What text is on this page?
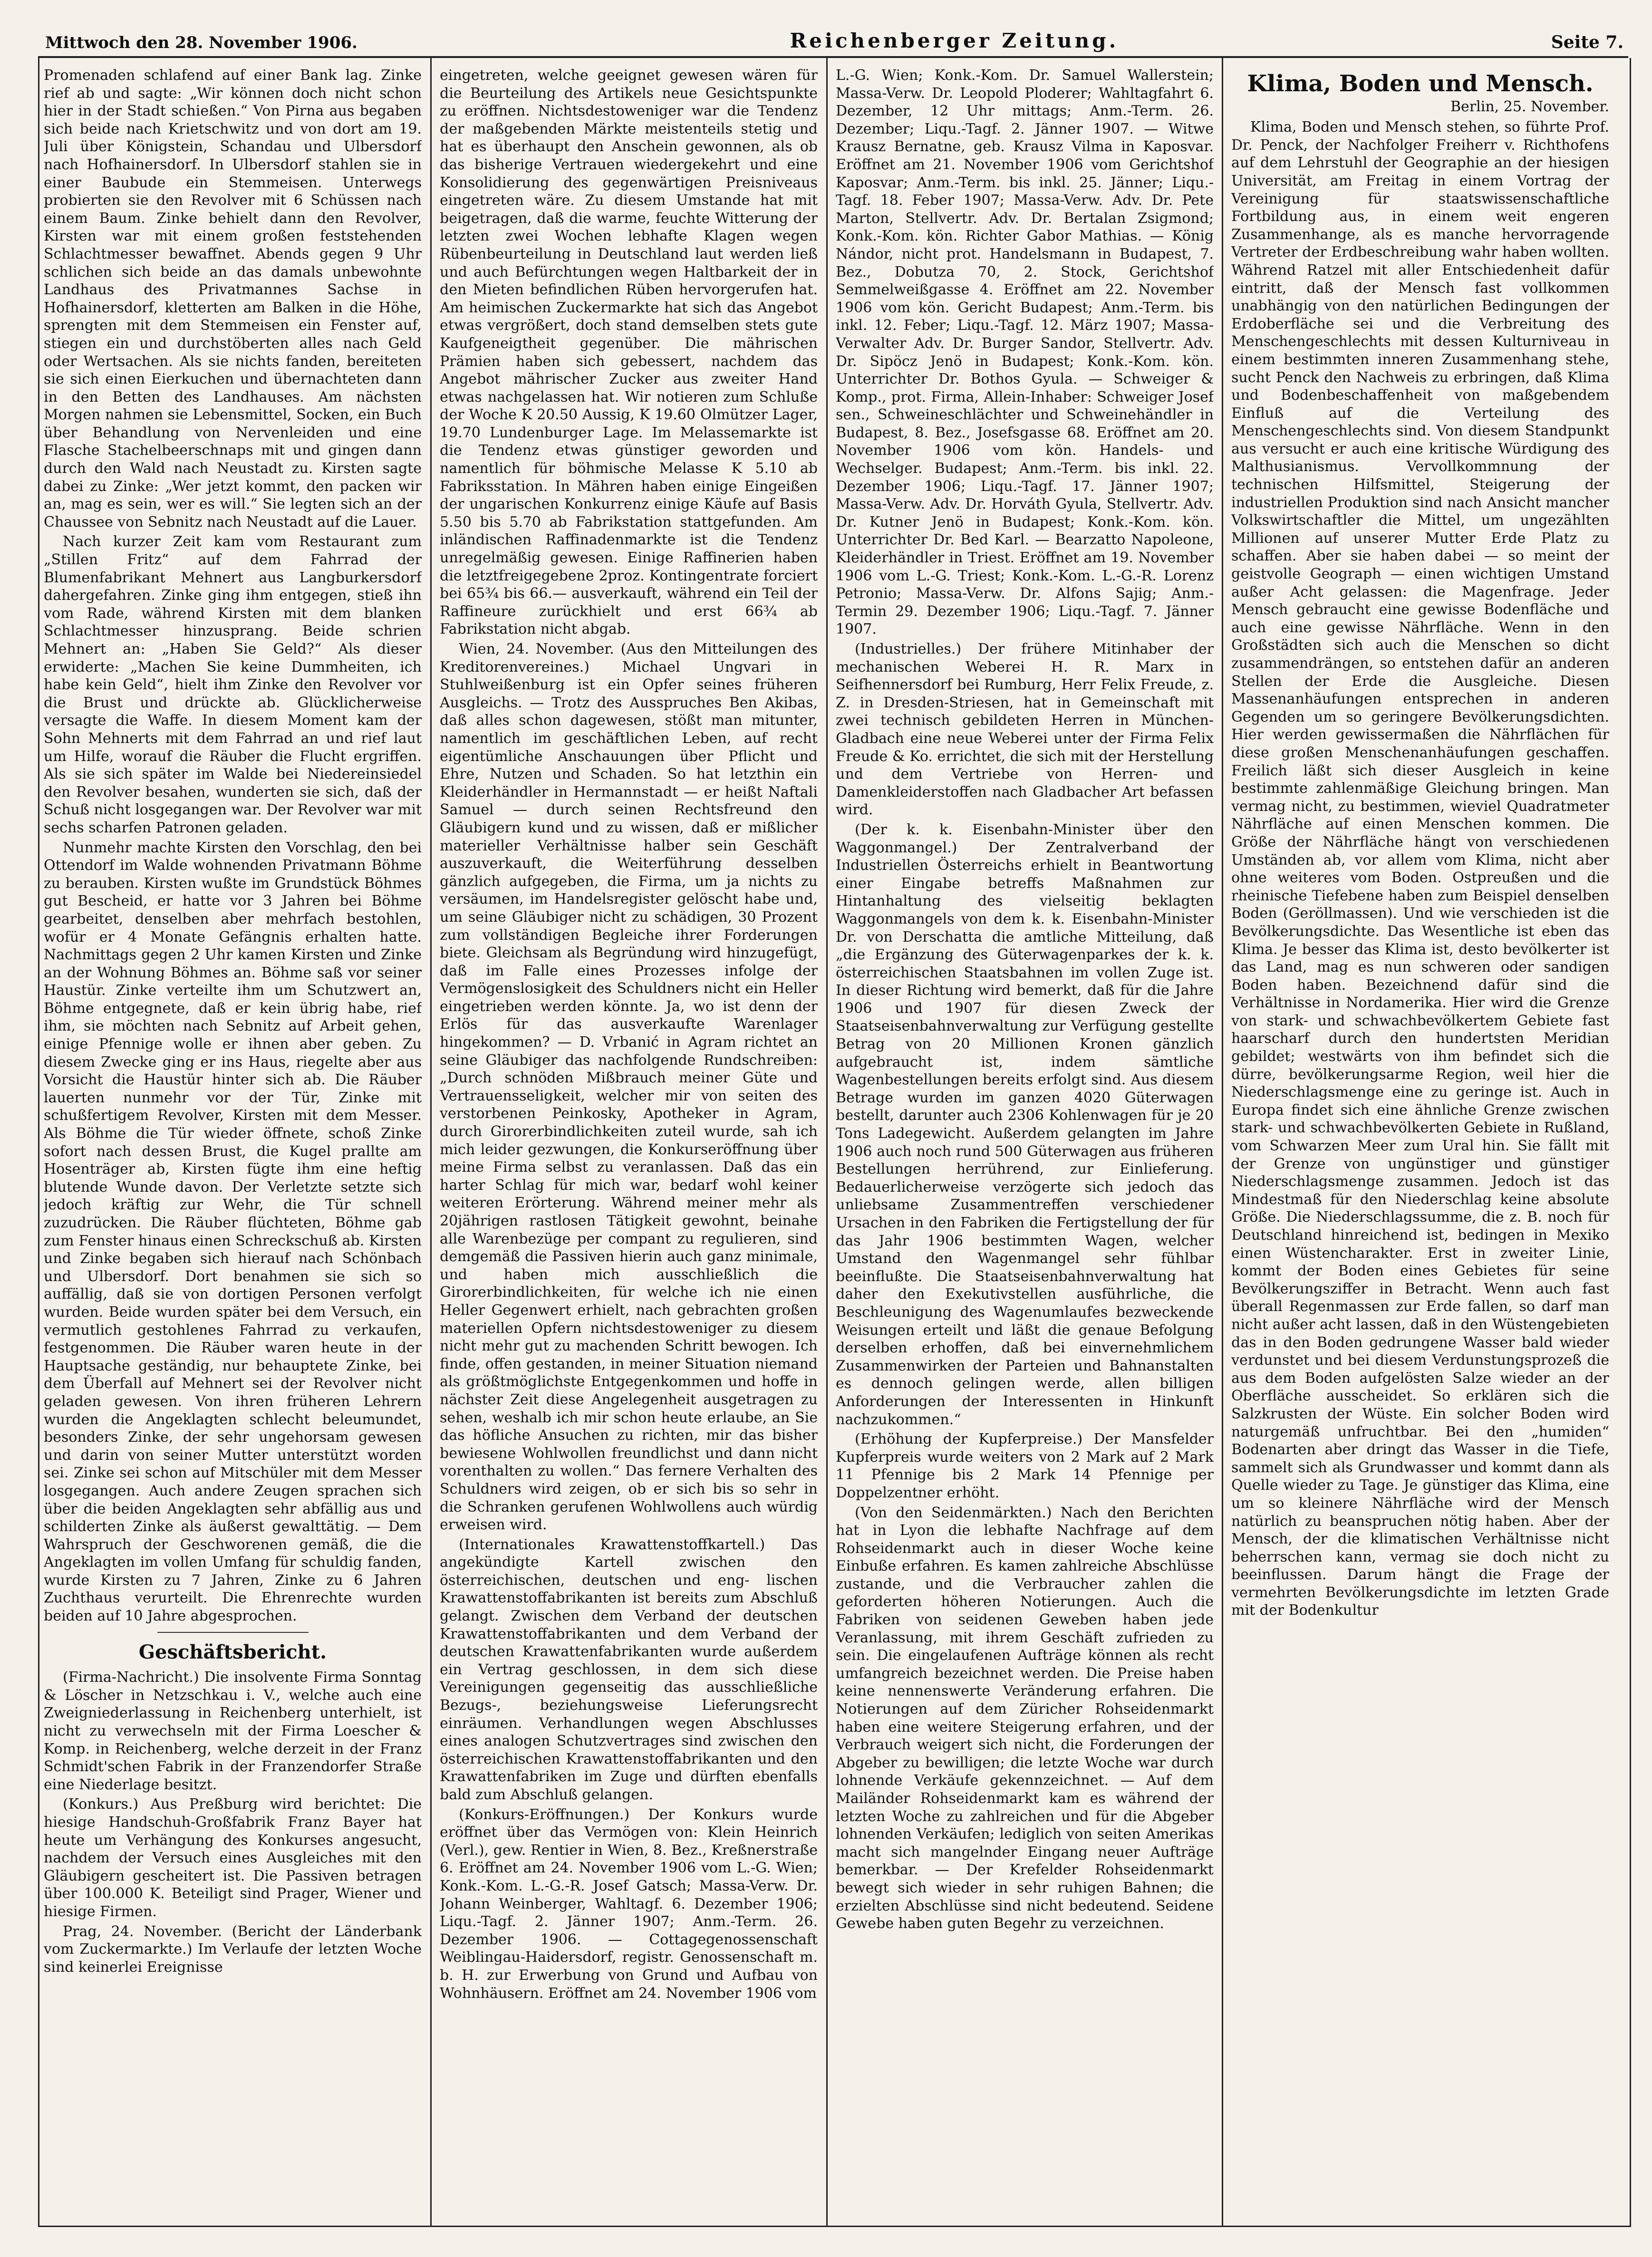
Mittwoch den 28. November 1906.	Reichenberger Zeitung.	Seite 7.

Promenaden schlafend auf einer Bank lag. Zinke rief ab und sagte: „Wir können doch nicht schon hier in der Stadt schießen.“ Von Pirna aus begaben sich beide nach Krietschwitz und von dort am 19. Juli über Königstein, Schandau und Ulbersdorf nach Hofhainersdorf. In Ulbersdorf stahlen sie in einer Baubude ein Stemmeisen. Unterwegs probierten sie den Revolver mit 6 Schüssen nach einem Baum. Zinke behielt dann den Revolver, Kirsten war mit einem großen feststehenden Schlachtmesser bewaffnet. Abends gegen 9 Uhr schlichen sich beide an das damals unbewohnte Landhaus des Privatmannes Sachse in Hofhainersdorf, kletterten am Balken in die Höhe, sprengten mit dem Stemmeisen ein Fenster auf, stiegen ein und durchstöberten alles nach Geld oder Wertsachen. Als sie nichts fanden, bereiteten sie sich einen Eierkuchen und übernachteten dann in den Betten des Landhauses. Am nächsten Morgen nahmen sie Lebensmittel, Socken, ein Buch über Behandlung von Nervenleiden und eine Flasche Stachelbeerschnaps mit und gingen dann durch den Wald nach Neustadt zu. Kirsten sagte dabei zu Zinke: „Wer jetzt kommt, den packen wir an, mag es sein, wer es will.“ Sie legten sich an der Chaussee von Sebnitz nach Neustadt auf die Lauer.

Nach kurzer Zeit kam vom Restaurant zum „Stillen Fritz“ auf dem Fahrrad der Blumenfabrikant Mehnert aus Langburkersdorf dahergefahren. Zinke ging ihm entgegen, stieß ihn vom Rade, während Kirsten mit dem blanken Schlachtmesser hinzusprang. Beide schrien Mehnert an: „Haben Sie Geld?“ Als dieser erwiderte: „Machen Sie keine Dummheiten, ich habe kein Geld“, hielt ihm Zinke den Revolver vor die Brust und drückte ab. Glücklicherweise versagte die Waffe. In diesem Moment kam der Sohn Mehnerts mit dem Fahrrad an und rief laut um Hilfe, worauf die Räuber die Flucht ergriffen. Als sie sich später im Walde bei Niedereinsiedel den Revolver besahen, wunderten sie sich, daß der Schuß nicht losgegangen war. Der Revolver war mit sechs scharfen Patronen geladen.

Nunmehr machte Kirsten den Vorschlag, den bei Ottendorf im Walde wohnenden Privatmann Böhme zu berauben. Kirsten wußte im Grundstück Böhmes gut Bescheid, er hatte vor 3 Jahren bei Böhme gearbeitet, denselben aber mehrfach bestohlen, wofür er 4 Monate Gefängnis erhalten hatte. Nachmittags gegen 2 Uhr kamen Kirsten und Zinke an der Wohnung Böhmes an. Böhme saß vor seiner Haustür. Zinke verteilte ihm um Schutzwert an, Böhme entgegnete, daß er kein übrig habe, rief ihm, sie möchten nach Sebnitz auf Arbeit gehen, einige Pfennige wolle er ihnen aber geben. Zu diesem Zwecke ging er ins Haus, riegelte aber aus Vorsicht die Haustür hinter sich ab. Die Räuber lauerten nunmehr vor der Tür, Zinke mit schußfertigem Revolver, Kirsten mit dem Messer. Als Böhme die Tür wieder öffnete, schoß Zinke sofort nach dessen Brust, die Kugel prallte am Hosenträger ab, Kirsten fügte ihm eine heftig blutende Wunde davon. Der Verletzte setzte sich jedoch kräftig zur Wehr, die Tür schnell zuzudrücken. Die Räuber flüchteten, Böhme gab zum Fenster hinaus einen Schreckschuß ab. Kirsten und Zinke begaben sich hierauf nach Schönbach und Ulbersdorf. Dort benahmen sie sich so auffällig, daß sie von dortigen Personen verfolgt wurden. Beide wurden später bei dem Versuch, ein vermutlich gestohlenes Fahrrad zu verkaufen, festgenommen. Die Räuber waren heute in der Hauptsache geständig, nur behauptete Zinke, bei dem Überfall auf Mehnert sei der Revolver nicht geladen gewesen. Von ihren früheren Lehrern wurden die Angeklagten schlecht beleumundet, besonders Zinke, der sehr ungehorsam gewesen und darin von seiner Mutter unterstützt worden sei. Zinke sei schon auf Mitschüler mit dem Messer losgegangen. Auch andere Zeugen sprachen sich über die beiden Angeklagten sehr abfällig aus und schilderten Zinke als äußerst gewalttätig. — Dem Wahrspruch der Geschworenen gemäß, die die Angeklagten im vollen Umfang für schuldig fanden, wurde Kirsten zu 7 Jahren, Zinke zu 6 Jahren Zuchthaus verurteilt. Die Ehrenrechte wurden beiden auf 10 Jahre abgesprochen.

Geschäftsbericht.

(Firma-Nachricht.) Die insolvente Firma Sonntag & Löscher in Netzschkau i. V., welche auch eine Zweigniederlassung in Reichenberg unterhielt, ist nicht zu verwechseln mit der Firma Loescher & Komp. in Reichenberg, welche derzeit in der Franz Schmidt'schen Fabrik in der Franzendorfer Straße eine Niederlage besitzt.

(Konkurs.) Aus Preßburg wird berichtet: Die hiesige Handschuh-Großfabrik Franz Bayer hat heute um Verhängung des Konkurses angesucht, nachdem der Versuch eines Ausgleiches mit den Gläubigern gescheitert ist. Die Passiven betragen über 100.000 K. Beteiligt sind Prager, Wiener und hiesige Firmen.

Prag, 24. November. (Bericht der Länderbank vom Zuckermarkte.) Im Verlaufe der letzten Woche sind keinerlei Ereignisse

eingetreten, welche geeignet gewesen wären für die Beurteilung des Artikels neue Gesichtspunkte zu eröffnen. Nichtsdestoweniger war die Tendenz der maßgebenden Märkte meistenteils stetig und hat es überhaupt den Anschein gewonnen, als ob das bisherige Vertrauen wiedergekehrt und eine Konsolidierung des gegenwärtigen Preisniveaus eingetreten wäre. Zu diesem Umstande hat mit beigetragen, daß die warme, feuchte Witterung der letzten zwei Wochen lebhafte Klagen wegen Rübenbeurteilung in Deutschland laut werden ließ und auch Befürchtungen wegen Haltbarkeit der in den Mieten befindlichen Rüben hervorgerufen hat. Am heimischen Zuckermarkte hat sich das Angebot etwas vergrößert, doch stand demselben stets gute Kaufgeneigtheit gegenüber. Die mährischen Prämien haben sich gebessert, nachdem das Angebot mährischer Zucker aus zweiter Hand etwas nachgelassen hat. Wir notieren zum Schluße der Woche K 20.50 Aussig, K 19.60 Olmützer Lager, 19.70 Lundenburger Lage. Im Melassemarkte ist die Tendenz etwas günstiger geworden und namentlich für böhmische Melasse K 5.10 ab Fabriksstation. In Mähren haben einige Eingeißen der ungarischen Konkurrenz einige Käufe auf Basis 5.50 bis 5.70 ab Fabrikstation stattgefunden. Am inländischen Raffinadenmarkte ist die Tendenz unregelmäßig gewesen. Einige Raffinerien haben die letztfreigegebene 2proz. Kontingentrate forciert bei 65¾ bis 66.— ausverkauft, während ein Teil der Raffineure zurückhielt und erst 66¾ ab Fabrikstation nicht abgab.

Wien, 24. November. (Aus den Mitteilungen des Kreditorenvereines.) Michael Ungvari in Stuhlweißenburg ist ein Opfer seines früheren Ausgleichs. — Trotz des Ausspruches Ben Akibas, daß alles schon dagewesen, stößt man mitunter, namentlich im geschäftlichen Leben, auf recht eigentümliche Anschauungen über Pflicht und Ehre, Nutzen und Schaden. So hat letzthin ein Kleiderhändler in Hermannstadt — er heißt Naftali Samuel — durch seinen Rechtsfreund den Gläubigern kund und zu wissen, daß er mißlicher materieller Verhältnisse halber sein Geschäft auszuverkauft, die Weiterführung desselben gänzlich aufgegeben, die Firma, um ja nichts zu versäumen, im Handelsregister gelöscht habe und, um seine Gläubiger nicht zu schädigen, 30 Prozent zum vollständigen Begleiche ihrer Forderungen biete. Gleichsam als Begründung wird hinzugefügt, daß im Falle eines Prozesses infolge der Vermögenslosigkeit des Schuldners nicht ein Heller eingetrieben werden könnte. Ja, wo ist denn der Erlös für das ausverkaufte Warenlager hingekommen? — D. Vrbanić in Agram richtet an seine Gläubiger das nachfolgende Rundschreiben: „Durch schnöden Mißbrauch meiner Güte und Vertrauensseligkeit, welcher mir von seiten des verstorbenen Peinkosky, Apotheker in Agram, durch Girorerbindlichkeiten zuteil wurde, sah ich mich leider gezwungen, die Konkurseröffnung über meine Firma selbst zu veranlassen. Daß das ein harter Schlag für mich war, bedarf wohl keiner weiteren Erörterung. Während meiner mehr als 20jährigen rastlosen Tätigkeit gewohnt, beinahe alle Warenbezüge per compant zu regulieren, sind demgemäß die Passiven hierin auch ganz minimale, und haben mich ausschließlich die Girorerbindlichkeiten, für welche ich nie einen Heller Gegenwert erhielt, nach gebrachten großen materiellen Opfern nichtsdestoweniger zu diesem nicht mehr gut zu machenden Schritt bewogen. Ich finde, offen gestanden, in meiner Situation niemand als größtmöglichste Entgegenkommen und hoffe in nächster Zeit diese Angelegenheit ausgetragen zu sehen, weshalb ich mir schon heute erlaube, an Sie das höfliche Ansuchen zu richten, mir das bisher bewiesene Wohlwollen freundlichst und dann nicht vorenthalten zu wollen.“ Das fernere Verhalten des Schuldners wird zeigen, ob er sich bis so sehr in die Schranken gerufenen Wohlwollens auch würdig erweisen wird.

(Internationales Krawattenstoffkartell.) Das angekündigte Kartell zwischen den österreichischen, deutschen und eng- lischen Krawattenstoffabrikanten ist bereits zum Abschluß gelangt. Zwischen dem Verband der deutschen Krawattenstoffabrikanten und dem Verband der deutschen Krawattenfabrikanten wurde außerdem ein Vertrag geschlossen, in dem sich diese Vereinigungen gegenseitig das ausschließliche Bezugs-, beziehungsweise Lieferungsrecht einräumen. Verhandlungen wegen Abschlusses eines analogen Schutzvertrages sind zwischen den österreichischen Krawattenstoffabrikanten und den Krawattenfabriken im Zuge und dürften ebenfalls bald zum Abschluß gelangen.

(Konkurs-Eröffnungen.) Der Konkurs wurde eröffnet über das Vermögen von: Klein Heinrich (Verl.), gew. Rentier in Wien, 8. Bez., Kreßnerstraße 6. Eröffnet am 24. November 1906 vom L.-G. Wien; Konk.-Kom. L.-G.-R. Josef Gatsch; Massa-Verw. Dr. Johann Weinberger, Wahltagf. 6. Dezember 1906; Liqu.-Tagf. 2. Jänner 1907; Anm.-Term. 26. Dezember 1906. — Cottagegenossenschaft Weiblingau-Haidersdorf, registr. Genossenschaft m. b. H. zur Erwerbung von Grund und Aufbau von Wohnhäusern. Eröffnet am 24. November 1906 vom

L.-G. Wien; Konk.-Kom. Dr. Samuel Wallerstein; Massa-Verw. Dr. Leopold Ploderer; Wahltagfahrt 6. Dezember, 12 Uhr mittags; Anm.-Term. 26. Dezember; Liqu.-Tagf. 2. Jänner 1907. — Witwe Krausz Bernatne, geb. Krausz Vilma in Kaposvar. Eröffnet am 21. November 1906 vom Gerichtshof Kaposvar; Anm.-Term. bis inkl. 25. Jänner; Liqu.-Tagf. 18. Feber 1907; Massa-Verw. Adv. Dr. Pete Marton, Stellvertr. Adv. Dr. Bertalan Zsigmond; Konk.-Kom. kön. Richter Gabor Mathias. — König Nándor, nicht prot. Handelsmann in Budapest, 7. Bez., Dobutza 70, 2. Stock, Gerichtshof Semmelweißgasse 4. Eröffnet am 22. November 1906 vom kön. Gericht Budapest; Anm.-Term. bis inkl. 12. Feber; Liqu.-Tagf. 12. März 1907; Massa-Verwalter Adv. Dr. Burger Sandor, Stellvertr. Adv. Dr. Sipöcz Jenö in Budapest; Konk.-Kom. kön. Unterrichter Dr. Bothos Gyula. — Schweiger & Komp., prot. Firma, Allein-Inhaber: Schweiger Josef sen., Schweineschlächter und Schweinehändler in Budapest, 8. Bez., Josefsgasse 68. Eröffnet am 20. November 1906 vom kön. Handels- und Wechselger. Budapest; Anm.-Term. bis inkl. 22. Dezember 1906; Liqu.-Tagf. 17. Jänner 1907; Massa-Verw. Adv. Dr. Horváth Gyula, Stellvertr. Adv. Dr. Kutner Jenö in Budapest; Konk.-Kom. kön. Unterrichter Dr. Bed Karl. — Bearzatto Napoleone, Kleiderhändler in Triest. Eröffnet am 19. November 1906 vom L.-G. Triest; Konk.-Kom. L.-G.-R. Lorenz Petronio; Massa-Verw. Dr. Alfons Sajig; Anm.-Termin 29. Dezember 1906; Liqu.-Tagf. 7. Jänner 1907.

(Industrielles.) Der frühere Mitinhaber der mechanischen Weberei H. R. Marx in Seifhennersdorf bei Rumburg, Herr Felix Freude, z. Z. in Dresden-Striesen, hat in Gemeinschaft mit zwei technisch gebildeten Herren in München-Gladbach eine neue Weberei unter der Firma Felix Freude & Ko. errichtet, die sich mit der Herstellung und dem Vertriebe von Herren- und Damenkleiderstoffen nach Gladbacher Art befassen wird.

(Der k. k. Eisenbahn-Minister über den Waggonmangel.) Der Zentralverband der Industriellen Österreichs erhielt in Beantwortung einer Eingabe betreffs Maßnahmen zur Hintanhaltung des vielseitig beklagten Waggonmangels von dem k. k. Eisenbahn-Minister Dr. von Derschatta die amtliche Mitteilung, daß „die Ergänzung des Güterwagenparkes der k. k. österreichischen Staatsbahnen im vollen Zuge ist. In dieser Richtung wird bemerkt, daß für die Jahre 1906 und 1907 für diesen Zweck der Staatseisenbahnverwaltung zur Verfügung gestellte Betrag von 20 Millionen Kronen gänzlich aufgebraucht ist, indem sämtliche Wagenbestellungen bereits erfolgt sind. Aus diesem Betrage wurden im ganzen 4020 Güterwagen bestellt, darunter auch 2306 Kohlenwagen für je 20 Tons Ladegewicht. Außerdem gelangten im Jahre 1906 auch noch rund 500 Güterwagen aus früheren Bestellungen herrührend, zur Einlieferung. Bedauerlicherweise verzögerte sich jedoch das unliebsame Zusammentreffen verschiedener Ursachen in den Fabriken die Fertigstellung der für das Jahr 1906 bestimmten Wagen, welcher Umstand den Wagenmangel sehr fühlbar beeinflußte. Die Staatseisenbahnverwaltung hat daher den Exekutivstellen ausführliche, die Beschleunigung des Wagenumlaufes bezweckende Weisungen erteilt und läßt die genaue Befolgung derselben erhoffen, daß bei einvernehmlichem Zusammenwirken der Parteien und Bahnanstalten es dennoch gelingen werde, allen billigen Anforderungen der Interessenten in Hinkunft nachzukommen.“

(Erhöhung der Kupferpreise.) Der Mansfelder Kupferpreis wurde weiters von 2 Mark auf 2 Mark 11 Pfennige bis 2 Mark 14 Pfennige per Doppelzentner erhöht.

(Von den Seidenmärkten.) Nach den Berichten hat in Lyon die lebhafte Nachfrage auf dem Rohseidenmarkt auch in dieser Woche keine Einbuße erfahren. Es kamen zahlreiche Abschlüsse zustande, und die Verbraucher zahlen die geforderten höheren Notierungen. Auch die Fabriken von seidenen Geweben haben jede Veranlassung, mit ihrem Geschäft zufrieden zu sein. Die eingelaufenen Aufträge können als recht umfangreich bezeichnet werden. Die Preise haben keine nennenswerte Veränderung erfahren. Die Notierungen auf dem Züricher Rohseidenmarkt haben eine weitere Steigerung erfahren, und der Verbrauch weigert sich nicht, die Forderungen der Abgeber zu bewilligen; die letzte Woche war durch lohnende Verkäufe gekennzeichnet. — Auf dem Mailänder Rohseidenmarkt kam es während der letzten Woche zu zahlreichen und für die Abgeber lohnenden Verkäufen; lediglich von seiten Amerikas macht sich mangelnder Eingang neuer Aufträge bemerkbar. — Der Krefelder Rohseidenmarkt bewegt sich wieder in sehr ruhigen Bahnen; die erzielten Abschlüsse sind nicht bedeutend. Seidene Gewebe haben guten Begehr zu verzeichnen.

Klima, Boden und Mensch.

Berlin, 25. November.

Klima, Boden und Mensch stehen, so führte Prof. Dr. Penck, der Nachfolger Freiherr v. Richthofens auf dem Lehrstuhl der Geographie an der hiesigen Universität, am Freitag in einem Vortrag der Vereinigung für staatswissenschaftliche Fortbildung aus, in einem weit engeren Zusammenhange, als es manche hervorragende Vertreter der Erdbeschreibung wahr haben wollten. Während Ratzel mit aller Entschiedenheit dafür eintritt, daß der Mensch fast vollkommen unabhängig von den natürlichen Bedingungen der Erdoberfläche sei und die Verbreitung des Menschengeschlechts mit dessen Kulturniveau in einem bestimmten inneren Zusammenhang stehe, sucht Penck den Nachweis zu erbringen, daß Klima und Bodenbeschaffenheit von maßgebendem Einfluß auf die Verteilung des Menschengeschlechts sind. Von diesem Standpunkt aus versucht er auch eine kritische Würdigung des Malthusianismus. Vervollkommnung der technischen Hilfsmittel, Steigerung der industriellen Produktion sind nach Ansicht mancher Volkswirtschaftler die Mittel, um ungezählten Millionen auf unserer Mutter Erde Platz zu schaffen. Aber sie haben dabei — so meint der geistvolle Geograph — einen wichtigen Umstand außer Acht gelassen: die Magenfrage. Jeder Mensch gebraucht eine gewisse Bodenfläche und auch eine gewisse Nährfläche. Wenn in den Großstädten sich auch die Menschen so dicht zusammendrängen, so entstehen dafür an anderen Stellen der Erde die Ausgleiche. Diesen Massenanhäufungen entsprechen in anderen Gegenden um so geringere Bevölkerungsdichten. Hier werden gewissermaßen die Nährflächen für diese großen Menschenanhäufungen geschaffen. Freilich läßt sich dieser Ausgleich in keine bestimmte zahlenmäßige Gleichung bringen. Man vermag nicht, zu bestimmen, wieviel Quadratmeter Nährfläche auf einen Menschen kommen. Die Größe der Nährfläche hängt von verschiedenen Umständen ab, vor allem vom Klima, nicht aber ohne weiteres vom Boden. Ostpreußen und die rheinische Tiefebene haben zum Beispiel denselben Boden (Geröllmassen). Und wie verschieden ist die Bevölkerungsdichte. Das Wesentliche ist eben das Klima. Je besser das Klima ist, desto bevölkerter ist das Land, mag es nun schweren oder sandigen Boden haben. Bezeichnend dafür sind die Verhältnisse in Nordamerika. Hier wird die Grenze von stark- und schwachbevölkertem Gebiete fast haarscharf durch den hundertsten Meridian gebildet; westwärts von ihm befindet sich die dürre, bevölkerungsarme Region, weil hier die Niederschlagsmenge eine zu geringe ist. Auch in Europa findet sich eine ähnliche Grenze zwischen stark- und schwachbevölkerten Gebiete in Rußland, vom Schwarzen Meer zum Ural hin. Sie fällt mit der Grenze von ungünstiger und günstiger Niederschlagsmenge zusammen. Jedoch ist das Mindestmaß für den Niederschlag keine absolute Größe. Die Niederschlagssumme, die z. B. noch für Deutschland hinreichend ist, bedingen in Mexiko einen Wüstencharakter. Erst in zweiter Linie, kommt der Boden eines Gebietes für seine Bevölkerungsziffer in Betracht. Wenn auch fast überall Regenmassen zur Erde fallen, so darf man nicht außer acht lassen, daß in den Wüstengebieten das in den Boden gedrungene Wasser bald wieder verdunstet und bei diesem Verdunstungsprozeß die aus dem Boden aufgelösten Salze wieder an der Oberfläche ausscheidet. So erklären sich die Salzkrusten der Wüste. Ein solcher Boden wird naturgemäß unfruchtbar. Bei den „humiden“ Bodenarten aber dringt das Wasser in die Tiefe, sammelt sich als Grundwasser und kommt dann als Quelle wieder zu Tage. Je günstiger das Klima, eine um so kleinere Nährfläche wird der Mensch natürlich zu beanspruchen nötig haben. Aber der Mensch, der die klimatischen Verhältnisse nicht beherrschen kann, vermag sie doch nicht zu beeinflussen. Darum hängt die Frage der vermehrten Bevölkerungsdichte im letzten Grade mit der Bodenkultur
